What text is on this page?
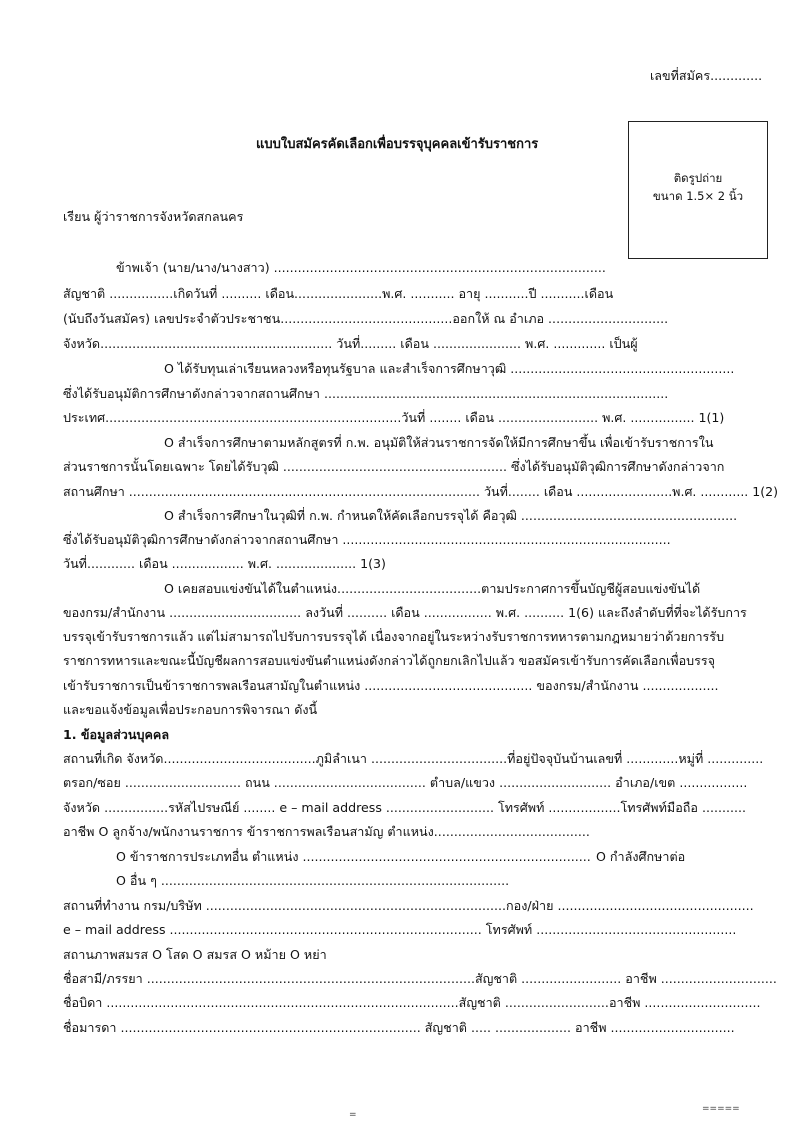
เลขที่สมัคร.............
แบบใบสมัครคัดเลือกเพื่อบรรจุบุคคลเข้ารับราชการ
ติดรูปถ่าย
ขนาด 1.5× 2 นิ้ว
เรียน ผู้ว่าราชการจังหวัดสกลนคร
ข้าพเจ้า (นาย/นาง/นางสาว) ...................................................................................
สัญชาติ ................เกิดวันที่ .......... เดือน......................พ.ศ. ........... อายุ ...........ปี ...........เดือน
(นับถึงวันสมัคร) เลขประจำตัวประชาชน...........................................ออกให้ ณ อำเภอ ..............................
จังหวัด.......................................................... วันที่......... เดือน ...................... พ.ศ. ............. เป็นผู้
O ได้รับทุนเล่าเรียนหลวงหรือทุนรัฐบาล และสำเร็จการศึกษาวุฒิ ........................................................
ซึ่งได้รับอนุมัติการศึกษาดังกล่าวจากสถานศึกษา ......................................................................................
ประเทศ..........................................................................วันที่ ........ เดือน ......................... พ.ศ. ................ 1(1)
O สำเร็จการศึกษาตามหลักสูตรที่ ก.พ. อนุมัติให้ส่วนราชการจัดให้มีการศึกษาขึ้น เพื่อเข้ารับราชการใน
ส่วนราชการนั้นโดยเฉพาะ โดยได้รับวุฒิ ........................................................ ซึ่งได้รับอนุมัติวุฒิการศึกษาดังกล่าวจาก
สถานศึกษา ........................................................................................ วันที่........ เดือน ........................พ.ศ. ............ 1(2)
O สำเร็จการศึกษาในวุฒิที่ ก.พ. กำหนดให้คัดเลือกบรรจุได้ คือวุฒิ ......................................................
ซึ่งได้รับอนุมัติวุฒิการศึกษาดังกล่าวจากสถานศึกษา ..................................................................................
วันที่............ เดือน .................. พ.ศ. .................... 1(3)
O เคยสอบแข่งขันได้ในตำแหน่ง....................................ตามประกาศการขึ้นบัญชีผู้สอบแข่งขันได้
ของกรม/สำนักงาน ................................. ลงวันที่ .......... เดือน ................. พ.ศ. .......... 1(6) และถึงลำดับที่ที่จะได้รับการ
บรรจุเข้ารับราชการแล้ว แต่ไม่สามารถไปรับการบรรจุได้ เนื่องจากอยู่ในระหว่างรับราชการทหารตามกฎหมายว่าด้วยการรับ
ราชการทหารและขณะนี้บัญชีผลการสอบแข่งขันตำแหน่งดังกล่าวได้ถูกยกเลิกไปแล้ว ขอสมัครเข้ารับการคัดเลือกเพื่อบรรจุ
เข้ารับราชการเป็นข้าราชการพลเรือนสามัญในตำแหน่ง .......................................... ของกรม/สำนักงาน ...................
และขอแจ้งข้อมูลเพื่อประกอบการพิจารณา ดังนี้
1. ข้อมูลส่วนบุคคล
สถานที่เกิด จังหวัด......................................ภูมิลำเนา ..................................ที่อยู่ปัจจุบันบ้านเลขที่ .............หมู่ที่ ..............
ตรอก/ซอย ............................. ถนน ...................................... ตำบล/แขวง ............................ อำเภอ/เขต .................
จังหวัด ................รหัสไปรษณีย์ ........ e – mail address ........................... โทรศัพท์ ..................โทรศัพท์มือถือ ...........
อาชีพ O ลูกจ้าง/พนักงานราชการ ข้าราชการพลเรือนสามัญ ตำแหน่ง.......................................
O ข้าราชการประเภทอื่น ตำแหน่ง ........................................................................ O กำลังศึกษาต่อ
O อื่น ๆ .......................................................................................
สถานที่ทำงาน กรม/บริษัท ...........................................................................กอง/ฝ่าย .................................................
e – mail address .............................................................................. โทรศัพท์ ..................................................
สถานภาพสมรส O โสด O สมรส O หม้าย O หย่า
ชื่อสามี/ภรรยา ..................................................................................สัญชาติ ......................... อาชีพ .............................
ชื่อบิดา ........................................................................................สัญชาติ ..........................อาชีพ .............................
ชื่อมารดา ........................................................................... สัญชาติ ..... ................... อาชีพ ...............................
=
=====
